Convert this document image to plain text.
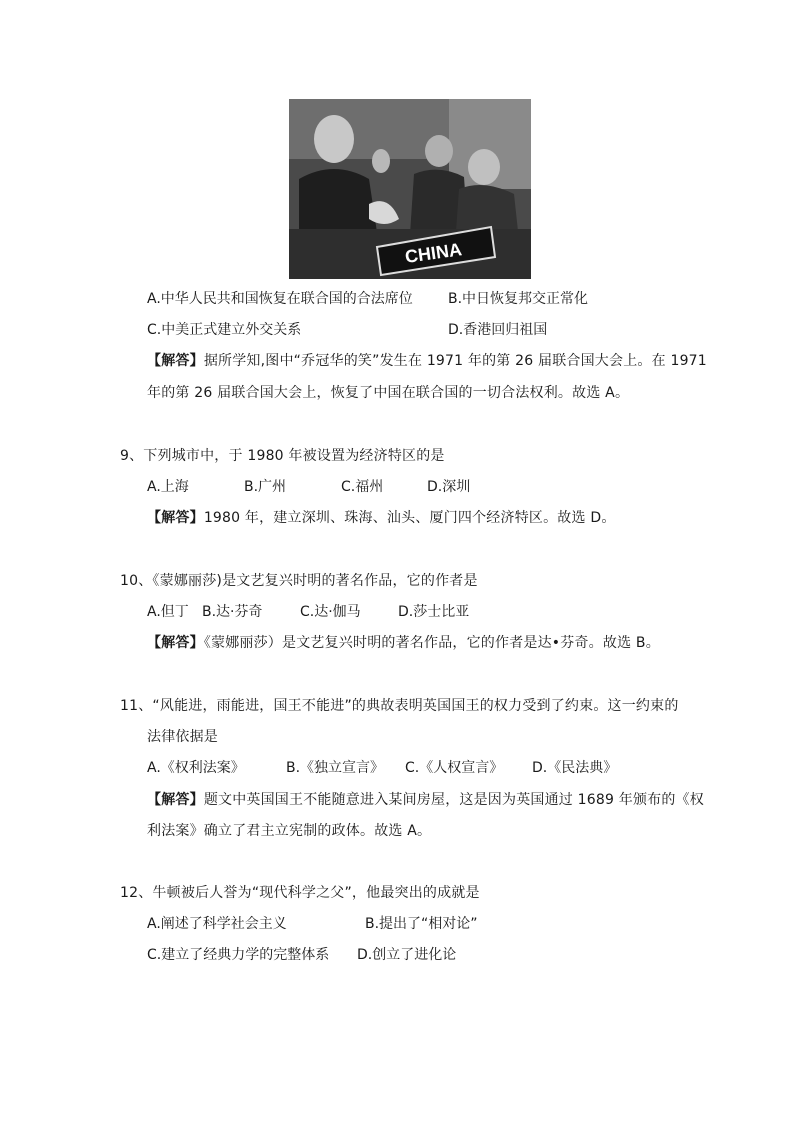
CHINA
A.中华人民共和国恢复在联合国的合法席位	B.中日恢复邦交正常化
C.中美正式建立外交关系	D.香港回归祖国
【解答】据所学知,图中“乔冠华的笑”发生在 1971 年的第 26 届联合国大会上。在 1971
年的第 26 届联合国大会上，恢复了中国在联合国的一切合法权利。故选 A。
9、下列城市中，于 1980 年被设置为经济特区的是
A.上海	B.广州	C.福州	D.深圳
【解答】1980 年，建立深圳、珠海、汕头、厦门四个经济特区。故选 D。
10、《蒙娜丽莎)是文艺复兴时明的著名作品，它的作者是
A.但丁 B.达·芬奇	C.达·伽马	D.莎士比亚
【解答】《蒙娜丽莎）是文艺复兴时明的著名作品，它的作者是达•芬奇。故选 B。
11、“风能进，雨能进，国王不能进”的典故表明英国国王的权力受到了约束。这一约束的
法律依据是
A.《权利法案》	B.《独立宣言》 C.《人权宣言》 D.《民法典》
【解答】题文中英国国王不能随意进入某间房屋，这是因为英国通过 1689 年颁布的《权
利法案》确立了君主立宪制的政体。故选 A。
12、牛顿被后人誉为“现代科学之父”，他最突出的成就是
A.阐述了科学社会主义	B.提出了“相对论”
C.建立了经典力学的完整体系 D.创立了进化论
